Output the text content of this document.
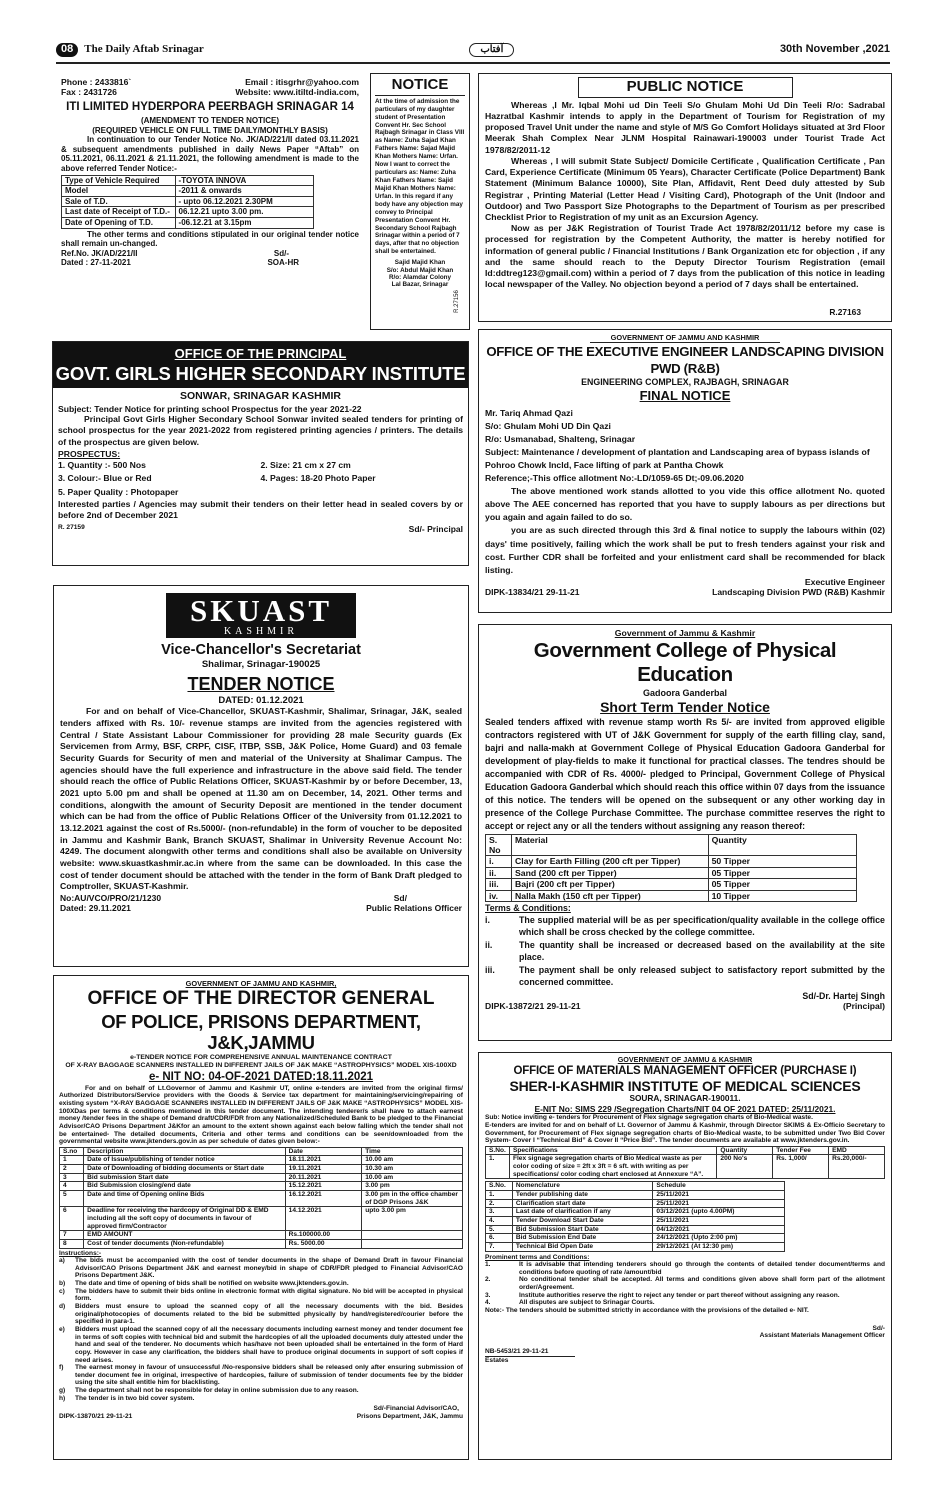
08	The Daily Aftab Srinagar	آفتاب	30th November ,2021
Phone : 2433816`	Email : itisgrhr@yahoo.com
Fax : 2431726	Website: www.itiltd-india.com,
ITI LIMITED HYDERPORA PEERBAGH SRINAGAR 14
(AMENDMENT TO TENDER NOTICE)
(REQUIRED VEHICLE ON FULL TIME DAILY/MONTHLY BASIS)

In continuation to our Tender Notice No. JK/AD/221/II dated 03.11.2021 & subsequent amendments published in daily News Paper “Aftab” on 05.11.2021, 06.11.2021 & 21.11.2021, the following amendment is made to the above referred Tender Notice:-

Type of Vehicle Required	-TOYOTA INNOVA
Model	-2011 & onwards
Sale of T.D.	- upto 06.12.2021 2.30PM
Last date of Receipt of T.D.-	06.12.21 upto 3.00 pm.
Date of Opening of T.D.	-06.12.21 at 3.15pm

The other terms and conditions stipulated in our original tender notice shall remain un-changed.

Ref.No. JK/AD/221/II	Sd/-
Dated : 27-11-2021	SOA-HR
NOTICE

At the time of admission the particulars of my daughter student of Presentation Convent Hr. Sec School Rajbagh Srinagar in Class VIII as Name: Zuha Sajad Khan Fathers Name: Sajad Majid Khan Mothers Name: Urfan. Now I want to correct the particulars as: Name: Zuha Khan Fathers Name: Sajid Majid Khan Mothers Name: Urfan. In this regard if any body have any objection may convey to Principal Presentation Convent Hr. Secondary School Rajbagh Srinagar within a period of 7 days, after that no objection shall be entertained.

Sajid Majid Khan
S/o: Abdul Majid Khan
R/o: Alamdar Colony
Lal Bazar, Srinagar
R.27156
PUBLIC NOTICE

Whereas ,I Mr. Iqbal Mohi ud Din Teeli S/o Ghulam Mohi Ud Din Teeli R/o: Sadrabal Hazratbal Kashmir intends to apply in the Department of Tourism for Registration of my proposed Travel Unit under the name and style of M/S Go Comfort Holidays situated at 3rd Floor Meerak Shah Complex Near JLNM Hospital Rainawari-190003 under Tourist Trade Act 1978/82/2011-12

Whereas , I will submit State Subject/ Domicile Certificate , Qualification Certificate , Pan Card, Experience Certificate (Minimum 05 Years), Character Certificate (Police Department) Bank Statement (Minimum Balance 10000), Site Plan, Affidavit, Rent Deed duly attested by Sub Registrar , Printing Material (Letter Head / Visiting Card), Photograph of the Unit (Indoor and Outdoor) and Two Passport Size Photographs to the Department of Tourism as per prescribed Checklist Prior to Registration of my unit as an Excursion Agency.

Now as per J&K Registration of Tourist Trade Act 1978/82/2011/12 before my case is processed for registration by the Competent Authority, the matter is hereby notified for information of general public / Financial Institutions / Bank Organization etc for objection , if any and the same should reach to the Deputy Director Tourism Registration (email Id:ddtreg123@gmail.com) within a period of 7 days from the publication of this notice in leading local newspaper of the Valley. No objection beyond a period of 7 days shall be entertained.

R.27163
OFFICE OF THE PRINCIPAL
GOVT. GIRLS HIGHER SECONDARY INSTITUTE
SONWAR, SRINAGAR KASHMIR

Subject: Tender Notice for printing school Prospectus for the year 2021-22

Principal Govt Girls Higher Secondary School Sonwar invited sealed tenders for printing of school prospectus for the year 2021-2022 from registered printing agencies / printers. The details of the prospectus are given below.

PROSPECTUS:
1. Quantity :- 500 Nos	2. Size: 21 cm x 27 cm
3. Colour:- Blue or Red	4. Pages: 18-20 Photo Paper
5. Paper Quality : Photopaper

Interested parties / Agencies may submit their tenders on their letter head in sealed covers by or before 2nd of December 2021

R. 27159	Sd/- Principal
GOVERNMENT OF JAMMU AND KASHMIR
OFFICE OF THE EXECUTIVE ENGINEER LANDSCAPING DIVISION PWD (R&B)
ENGINEERING COMPLEX, RAJBAGH, SRINAGAR
FINAL NOTICE
Mr. Tariq Ahmad Qazi
S/o: Ghulam Mohi UD Din Qazi
R/o: Usmanabad, Shalteng, Srinagar
Subject: Maintenance / development of plantation and Landscaping area of bypass islands of Pohroo Chowk Incld, Face lifting of park at Pantha Chowk
Reference;-This office allotment No:-LD/1059-65 Dt;-09.06.2020

The above mentioned work stands allotted to you vide this office allotment No. quoted above The AEE concerned has reported that you have to supply labours as per directions but you again and again failed to do so.

you are as such directed through this 3rd & final notice to supply the labours within (02) days' time positively, failing which the work shall be put to fresh tenders against your risk and cost. Further CDR shall be forfeited and your enlistment card shall be recommended for black listing.

Executive Engineer
DIPK-13834/21 29-11-21	Landscaping Division PWD (R&B) Kashmir
SKUAST
KASHMIR
Vice-Chancellor's Secretariat
Shalimar, Srinagar-190025
TENDER NOTICE
DATED: 01.12.2021

For and on behalf of Vice-Chancellor, SKUAST-Kashmir, Shalimar, Srinagar, J&K, sealed tenders affixed with Rs. 10/- revenue stamps are invited from the agencies registered with Central / State Assistant Labour Commissioner for providing 28 male Security guards (Ex Servicemen from Army, BSF, CRPF, CISF, ITBP, SSB, J&K Police, Home Guard) and 03 female Security Guards for Security of men and material of the University at Shalimar Campus. The agencies should have the full experience and infrastructure in the above said field. The tender should reach the office of Public Relations Officer, SKUAST-Kashmir by or before December, 13, 2021 upto 5.00 pm and shall be opened at 11.30 am on December, 14, 2021. Other terms and conditions, alongwith the amount of Security Deposit are mentioned in the tender document which can be had from the office of Public Relations Officer of the University from 01.12.2021 to 13.12.2021 against the cost of Rs.5000/- (non-refundable) in the form of voucher to be deposited in Jammu and Kashmir Bank, Branch SKUAST, Shalimar in University Revenue Account No: 4249. The document alongwith other terms and conditions shall also be available on University website: www.skuastkashmir.ac.in where from the same can be downloaded. In this case the cost of tender document should be attached with the tender in the form of Bank Draft pledged to Comptroller, SKUAST-Kashmir.

No:AU/VCO/PRO/21/1230	Sd/
Dated: 29.11.2021	Public Relations Officer
Government of Jammu & Kashmir
Government College of Physical Education
Gadoora Ganderbal
Short Term Tender Notice

Sealed tenders affixed with revenue stamp worth Rs 5/- are invited from approved eligible contractors registered with UT of J&K Government for supply of the earth filling clay, sand, bajri and nalla-makh at Government College of Physical Education Gadoora Ganderbal for development of play-fields to make it functional for practical classes. The tendres should be accompanied with CDR of Rs. 4000/- pledged to Principal, Government College of Physical Education Gadoora Ganderbal which should reach this office within 07 days from the issuance of this notice. The tenders will be opened on the subsequent or any other working day in presence of the College Purchase Committee. The purchase committee reserves the right to accept or reject any or all the tenders without assigning any reason thereof:

S. No	Material	Quantity
i.	Clay for Earth Filling (200 cft per Tipper)	50 Tipper
ii.	Sand (200 cft per Tipper)	05 Tipper
iii.	Bajri (200 cft per Tipper)	05 Tipper
iv.	Nalla Makh (150 cft per Tipper)	10 Tipper
Terms & Conditions:
i.	The supplied material will be as per specification/quality available in the college office which shall be cross checked by the college committee.
ii.	The quantity shall be increased or decreased based on the availability at the site place.
iii.	The payment shall be only released subject to satisfactory report submitted by the concerned committee.
Sd/-Dr. Hartej Singh
DIPK-13872/21 29-11-21	(Principal)
GOVERNMENT OF JAMMU AND KASHMIR,
OFFICE OF THE DIRECTOR GENERAL
OF POLICE, PRISONS DEPARTMENT, J&K,JAMMU
e-TENDER NOTICE FOR COMPREHENSIVE ANNUAL MAINTENANCE CONTRACT
OF X-RAY BAGGAGE SCANNERS INSTALLED IN DIFFERENT JAILS OF J&K MAKE “ASTROPHYSICS” MODEL XIS-100XD
e- NIT NO: 04-OF-2021 DATED:18.11.2021

For and on behalf of Lt.Governor of Jammu and Kashmir UT, online e-tenders are invited from the original firms/ Authorized Distributors/Service providers with the Goods & Service tax department for maintaining/servicing/repairing of existing system “X-RAY BAGGAGE SCANNERS INSTALLED IN DIFFERENT JAILS OF J&K MAKE “ASTROPHYSICS” MODEL XIS-100XDas per terms & conditions mentioned in this tender document. The intending tenderer/s shall have to attach earnest money /tender fees in the shape of Demand draft/CDR/FDR from any Nationalized/Scheduled Bank to be pledged to the Financial Advisor/CAO Prisons Department J&Kfor an amount to the extent shown against each below falling which the tender shall not be entertained- The detailed documents, Criteria and other terms and conditions can be seen/downloaded from the governmental website www.jktenders.gov.in as per schedule of dates given below:-

S.no	Description	Date	Time
1	Date of Issue/publishing of tender notice	18.11.2021	10.00 am
2	Date of Downloading of bidding documents or Start date	19.11.2021	10.30 am
3	Bid submission Start date	20.11.2021	10.00 am
4	Bid Submission closing/end date	15.12.2021	3.00 pm
5	Date and time of Opening online Bids	16.12.2021	3.00 pm in the office chamber of DGP Prisons J&K
6	Deadline for receiving the hardcopy of Original DD & EMD including all the soft copy of documents in favour of approved firm/Contractor	14.12.2021	upto 3.00 pm
7	EMD AMOUNT	Rs.100000.00	
8	Cost of tender documents (Non-refundable)	Rs. 5000.00	
Instructions:-
a)	The bids must be accompanied with the cost of tender documents in the shape of Demand Draft in favour Financial Advisor/CAO Prisons Department J&K and earnest money/bid in shape of CDR/FDR pledged to Financial Advisor/CAO Prisons Department J&K.
b)	The date and time of opening of bids shall be notified on website www.jktenders.gov.in.
c)	The bidders have to submit their bids online in electronic format with digital signature. No bid will be accepted in physical form.
d)	Bidders must ensure to upload the scanned copy of all the necessary documents with the bid. Besides original/photocopies of documents related to the bid be submitted physically by hand/registered/courier before the specified in para-1.
e)	Bidders must upload the scanned copy of all the necessary documents including earnest money and tender document fee in terms of soft copies with technical bid and submit the hardcopies of all the uploaded documents duly attested under the hand and seal of the tenderer. No documents which has/have not been uploaded shall be entertained in the form of Hard copy. However in case any clarification, the bidders shall have to produce original documents in support of soft copies if need arises.
f)	The earnest money in favour of unsuccessful /No-responsive bidders shall be released only after ensuring submission of tender document fee in original, irrespective of hardcopies, failure of submission of tender documents fee by the bidder using the site shall entitle him for blacklisting.
g)	The department shall not be responsible for delay in online submission due to any reason.
h)	The tender is in two bid cover system.
Sd/-Financial Advisor/CAO,
DIPK-13870/21 29-11-21	Prisons Department, J&K, Jammu
GOVERNMENT OF JAMMU & KASHMIR
OFFICE OF MATERIALS MANAGEMENT OFFICER (PURCHASE I)
SHER-I-KASHMIR INSTITUTE OF MEDICAL SCIENCES
SOURA, SRINAGAR-190011.
E-NIT No: SIMS 229 /Segregation Charts/NIT 04 OF 2021 DATED: 25/11/2021.

Sub: Notice inviting e- tenders for Procurement of Flex signage segregation charts of Bio-Medical waste.

E-tenders are invited for and on behalf of Lt. Governor of Jammu & Kashmir, through Director SKIMS & Ex-Officio Secretary to Government, for Procurement of Flex signage segregation charts of Bio-Medical waste, to be submitted under Two Bid Cover System- Cover I “Technical Bid” & Cover II “Price Bid”. The tender documents are available at www.jktenders.gov.in.

S.No.	Specifications	Quantity	Tender Fee	EMD
1.	Flex signage segregation charts of Bio Medical waste as per color coding of size = 2ft x 3ft = 6 sft. with writing as per specifications/ color coding chart enclosed at Annexure “A”.	200 No's	Rs. 1,000/	Rs.20,000/-
S.No.	Nomenclature	Schedule
1.	Tender publishing date	25/11/2021
2.	Clarification start date	25/11/2021
3.	Last date of clarification if any	03/12/2021 (upto 4.00PM)
4.	Tender Download Start Date	25/11/2021
5.	Bid Submission Start Date	04/12/2021
6.	Bid Submission End Date	24/12/2021 (Upto 2:00 pm)
7.	Technical Bid Open Date	29/12/2021 (At 12:30 pm)
Prominent terms and Conditions:
1.	It is advisable that intending tenderers should go through the contents of detailed tender document/terms and conditions before quoting of rate /amount/bid
2.	No conditional tender shall be accepted. All terms and conditions given above shall form part of the allotment order/Agreement.
3.	Institute authorities reserve the right to reject any tender or part thereof without assigning any reason.
4.	All disputes are subject to Srinagar Courts.

Note:- The tenders should be submitted strictly in accordance with the provisions of the detailed e- NIT.

Sd/-
Assistant Materials Management Officer
NB-5453/21 29-11-21
Estates
